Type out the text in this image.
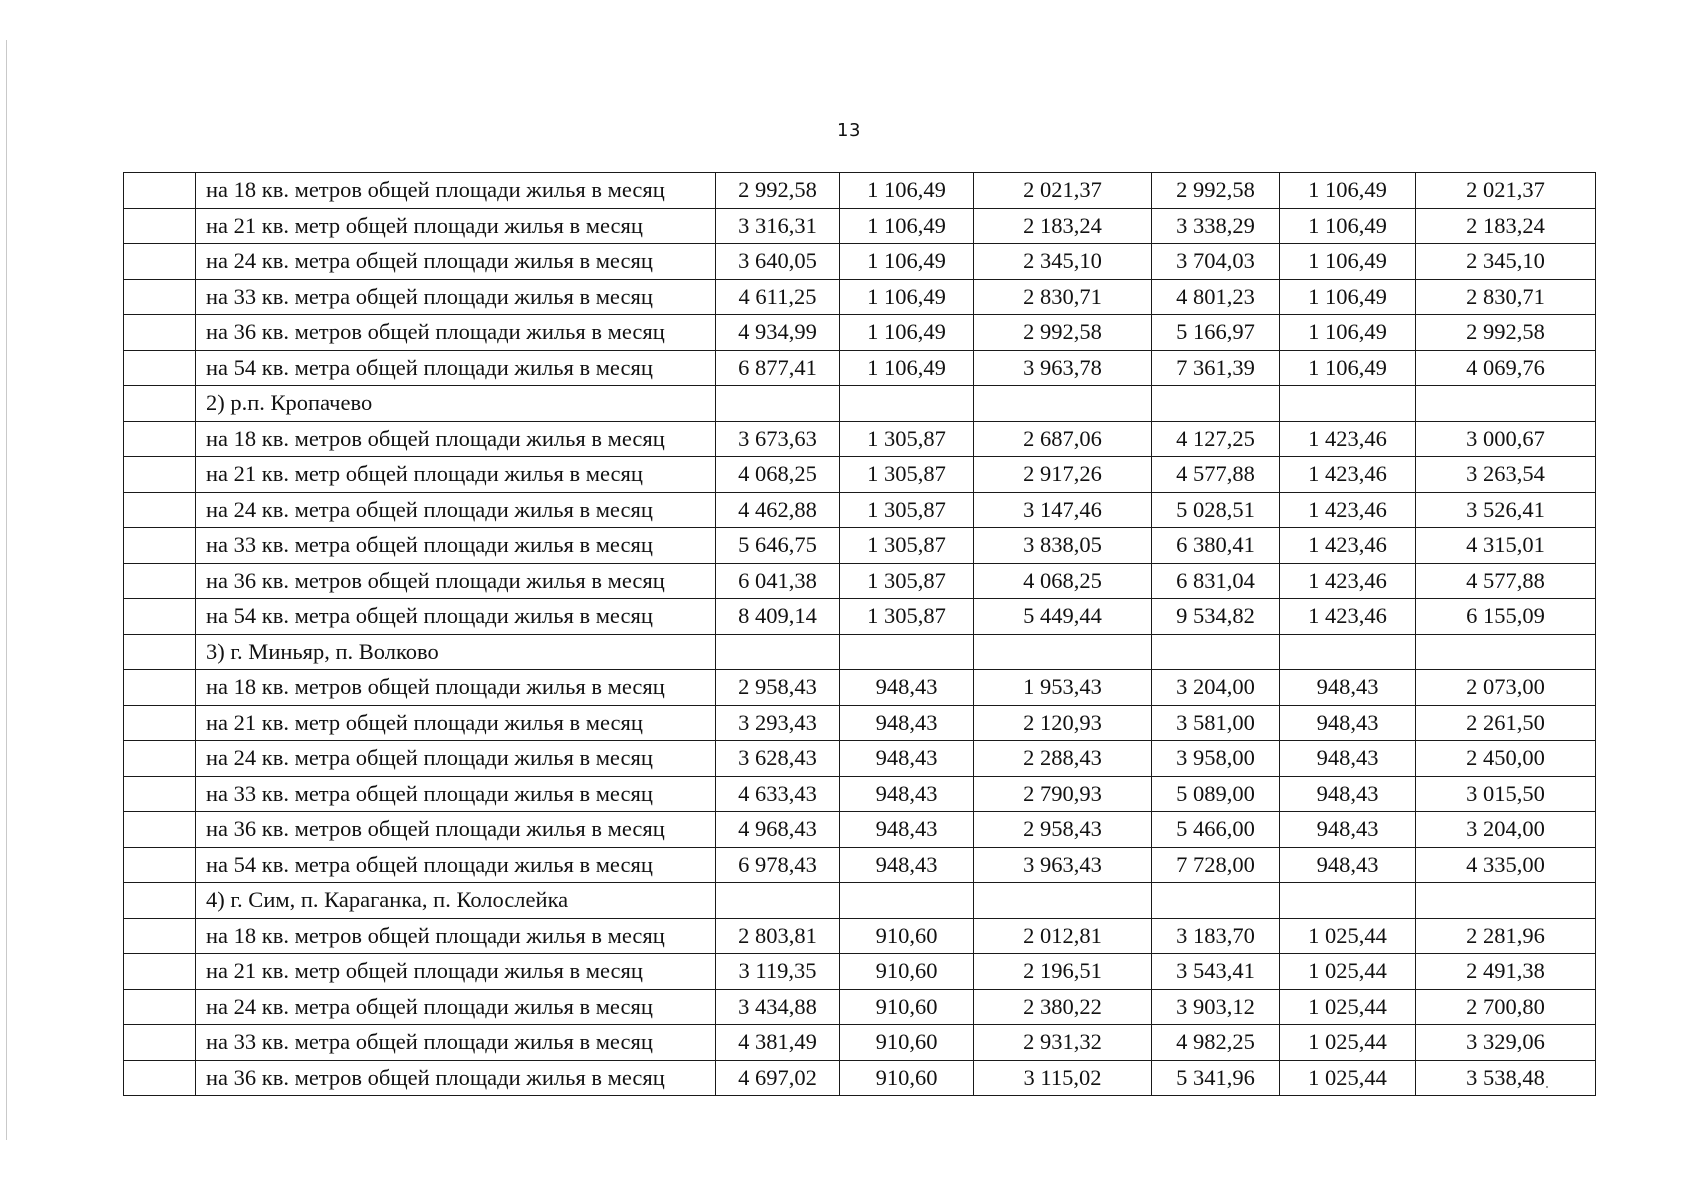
13
	на 18 кв. метров общей площади жилья в месяц	2 992,58	1 106,49	2 021,37	2 992,58	1 106,49	2 021,37
	на 21 кв. метр общей площади жилья в месяц	3 316,31	1 106,49	2 183,24	3 338,29	1 106,49	2 183,24
	на 24 кв. метра общей площади жилья в месяц	3 640,05	1 106,49	2 345,10	3 704,03	1 106,49	2 345,10
	на 33 кв. метра общей площади жилья в месяц	4 611,25	1 106,49	2 830,71	4 801,23	1 106,49	2 830,71
	на 36 кв. метров общей площади жилья в месяц	4 934,99	1 106,49	2 992,58	5 166,97	1 106,49	2 992,58
	на 54 кв. метра общей площади жилья в месяц	6 877,41	1 106,49	3 963,78	7 361,39	1 106,49	4 069,76
	2) р.п. Кропачево						
	на 18 кв. метров общей площади жилья в месяц	3 673,63	1 305,87	2 687,06	4 127,25	1 423,46	3 000,67
	на 21 кв. метр общей площади жилья в месяц	4 068,25	1 305,87	2 917,26	4 577,88	1 423,46	3 263,54
	на 24 кв. метра общей площади жилья в месяц	4 462,88	1 305,87	3 147,46	5 028,51	1 423,46	3 526,41
	на 33 кв. метра общей площади жилья в месяц	5 646,75	1 305,87	3 838,05	6 380,41	1 423,46	4 315,01
	на 36 кв. метров общей площади жилья в месяц	6 041,38	1 305,87	4 068,25	6 831,04	1 423,46	4 577,88
	на 54 кв. метра общей площади жилья в месяц	8 409,14	1 305,87	5 449,44	9 534,82	1 423,46	6 155,09
	3) г. Миньяр, п. Волково						
	на 18 кв. метров общей площади жилья в месяц	2 958,43	948,43	1 953,43	3 204,00	948,43	2 073,00
	на 21 кв. метр общей площади жилья в месяц	3 293,43	948,43	2 120,93	3 581,00	948,43	2 261,50
	на 24 кв. метра общей площади жилья в месяц	3 628,43	948,43	2 288,43	3 958,00	948,43	2 450,00
	на 33 кв. метра общей площади жилья в месяц	4 633,43	948,43	2 790,93	5 089,00	948,43	3 015,50
	на 36 кв. метров общей площади жилья в месяц	4 968,43	948,43	2 958,43	5 466,00	948,43	3 204,00
	на 54 кв. метра общей площади жилья в месяц	6 978,43	948,43	3 963,43	7 728,00	948,43	4 335,00
	4) г. Сим, п. Караганка, п. Колослейка						
	на 18 кв. метров общей площади жилья в месяц	2 803,81	910,60	2 012,81	3 183,70	1 025,44	2 281,96
	на 21 кв. метр общей площади жилья в месяц	3 119,35	910,60	2 196,51	3 543,41	1 025,44	2 491,38
	на 24 кв. метра общей площади жилья в месяц	3 434,88	910,60	2 380,22	3 903,12	1 025,44	2 700,80
	на 33 кв. метра общей площади жилья в месяц	4 381,49	910,60	2 931,32	4 982,25	1 025,44	3 329,06
	на 36 кв. метров общей площади жилья в месяц	4 697,02	910,60	3 115,02	5 341,96	1 025,44	3 538,48
